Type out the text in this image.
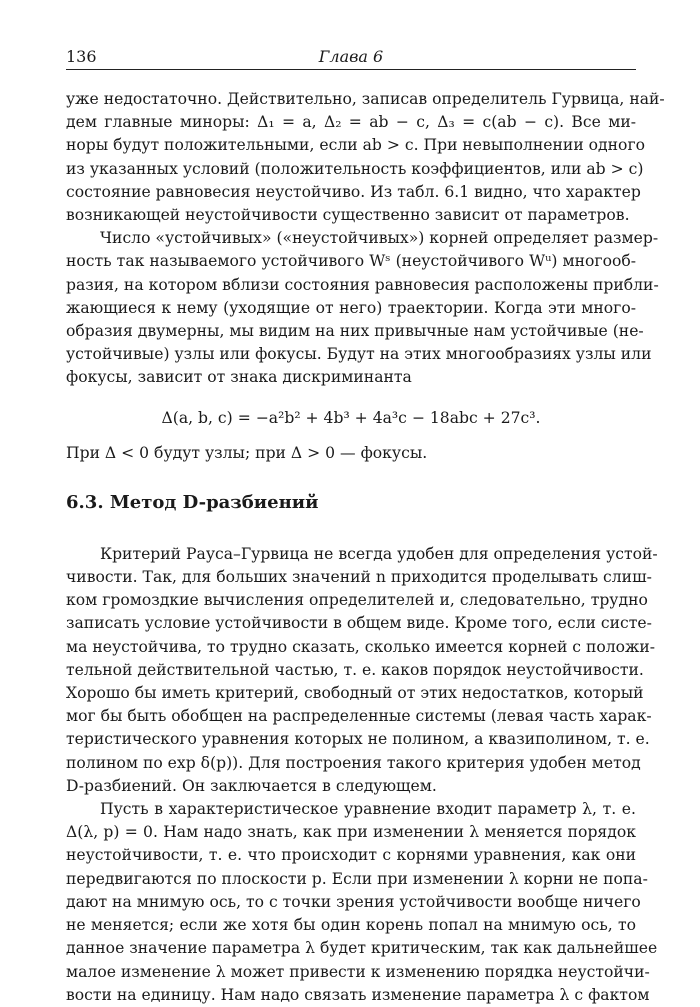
136	Глава 6

уже недостаточно. Действительно, записав определитель Гурвица, най-
дем главные миноры: Δ₁ = a, Δ₂ = ab − c, Δ₃ = c(ab − c). Все ми-
норы будут положительными, если ab > c. При невыполнении одного
из указанных условий (положительность коэффициентов, или ab > c)
состояние равновесия неустойчиво. Из табл. 6.1 видно, что характер
возникающей неустойчивости существенно зависит от параметров.

Число «устойчивых» («неустойчивых») корней определяет размер-
ность так называемого устойчивого Wˢ (неустойчивого Wᵘ) многооб-
разия, на котором вблизи состояния равновесия расположены прибли-
жающиеся к нему (уходящие от него) траектории. Когда эти много-
образия двумерны, мы видим на них привычные нам устойчивые (не-
устойчивые) узлы или фокусы. Будут на этих многообразиях узлы или
фокусы, зависит от знака дискриминанта

Δ(a, b, c) = −a²b² + 4b³ + 4a³c − 18abc + 27c³.

При Δ < 0 будут узлы; при Δ > 0 — фокусы.

6.3. Метод D-разбиений

Критерий Рауса–Гурвица не всегда удобен для определения устой-
чивости. Так, для больших значений n приходится проделывать слиш-
ком громоздкие вычисления определителей и, следовательно, трудно
записать условие устойчивости в общем виде. Кроме того, если систе-
ма неустойчива, то трудно сказать, сколько имеется корней с положи-
тельной действительной частью, т. е. каков порядок неустойчивости.
Хорошо бы иметь критерий, свободный от этих недостатков, который
мог бы быть обобщен на распределенные системы (левая часть харак-
теристического уравнения которых не полином, а квазиполином, т. е.
полином по exp δ(p)). Для построения такого критерия удобен метод
D-разбиений. Он заключается в следующем.

Пусть в характеристическое уравнение входит параметр λ, т. е.
Δ(λ, p) = 0. Нам надо знать, как при изменении λ меняется порядок
неустойчивости, т. е. что происходит с корнями уравнения, как они
передвигаются по плоскости p. Если при изменении λ корни не попа-
дают на мнимую ось, то с точки зрения устойчивости вообще ничего
не меняется; если же хотя бы один корень попал на мнимую ось, то
данное значение параметра λ будет критическим, так как дальнейшее
малое изменение λ может привести к изменению порядка неустойчи-
вости на единицу. Нам надо связать изменение параметра λ с фактом
